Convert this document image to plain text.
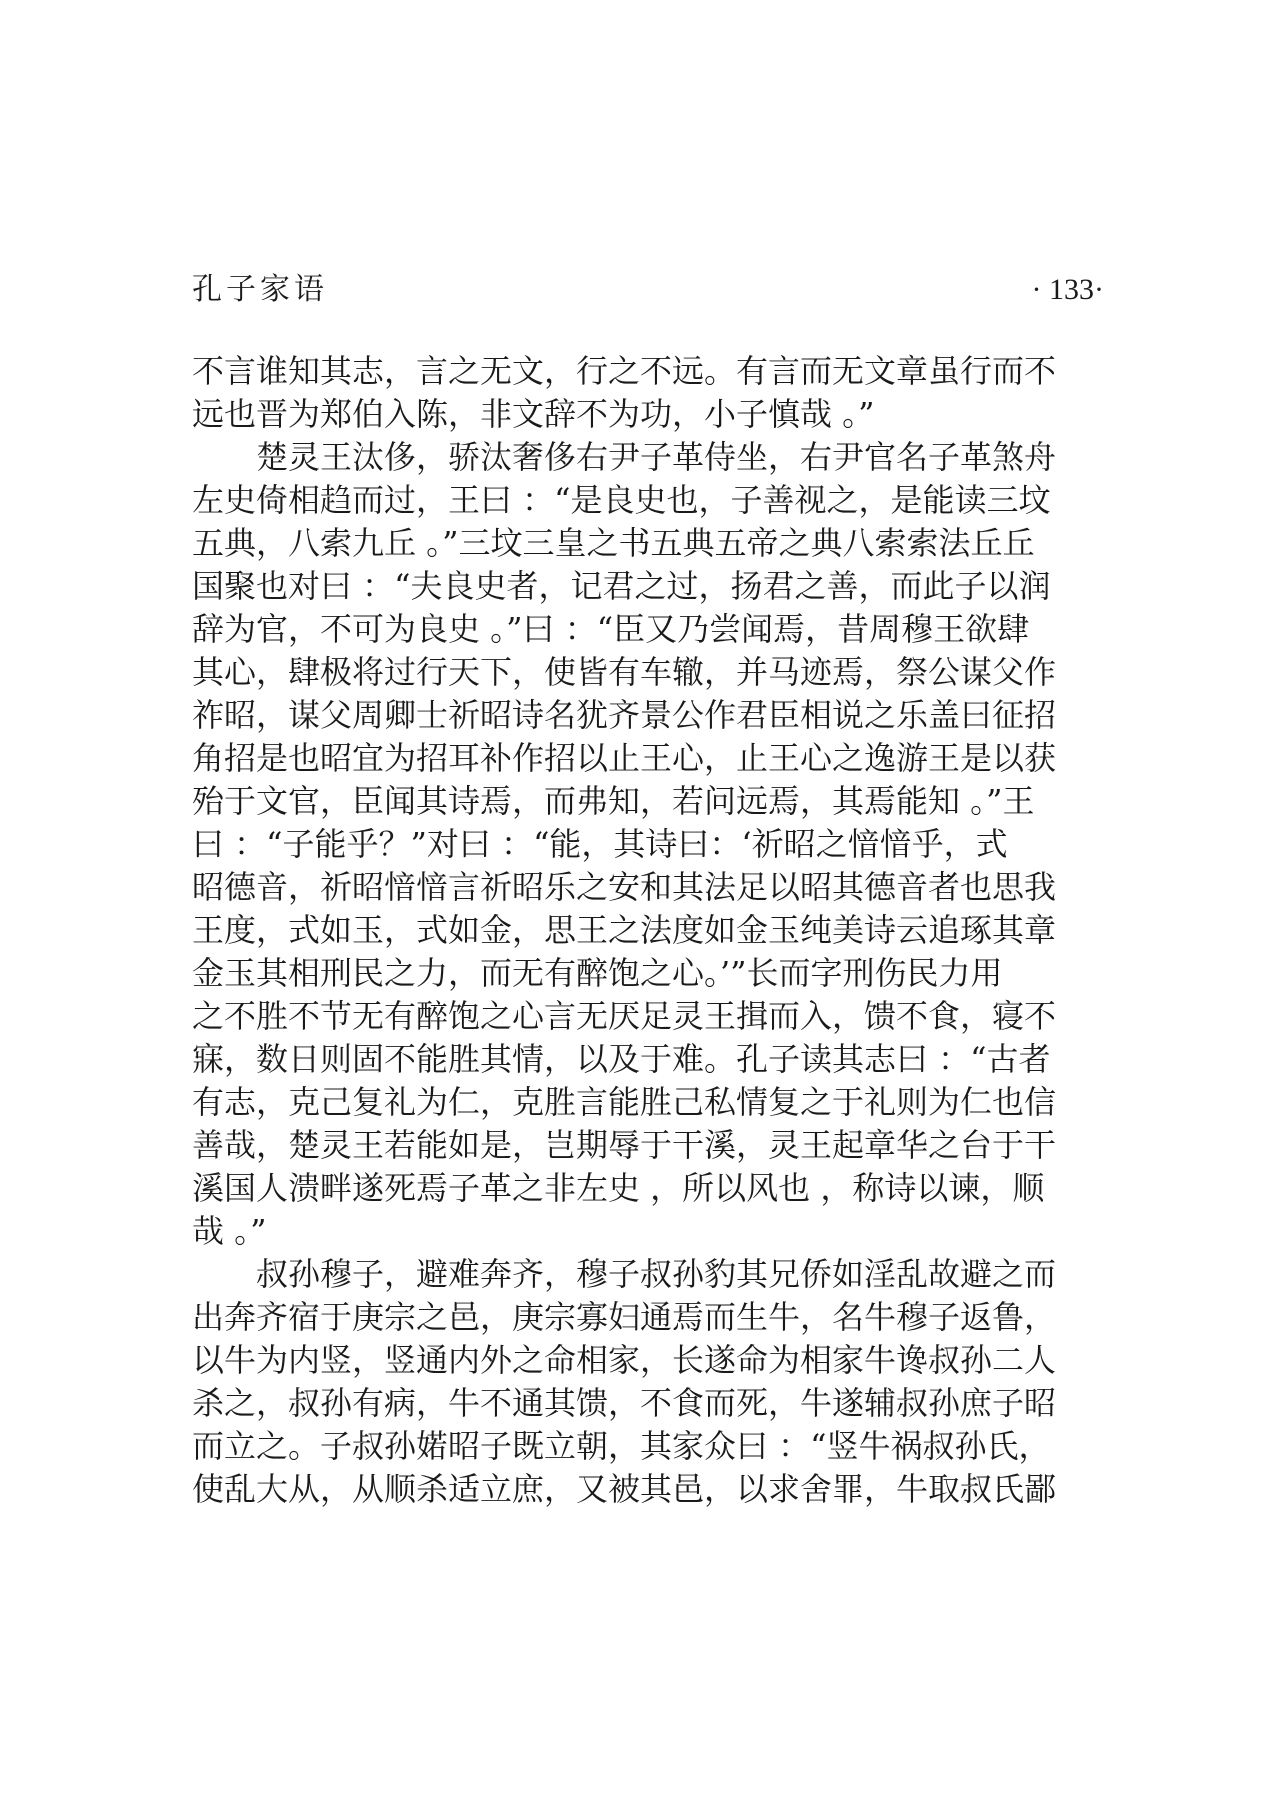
孔子家语	· 133·
不言谁知其志，言之无文，行之不远。有言而无文章虽行而不
远也晋为郑伯入陈，非文辞不为功，小子慎哉 。”
　　楚灵王汰侈，骄汰奢侈右尹子革侍坐，右尹官名子革煞舟
左史倚相趋而过，王曰 ：“是良史也，子善视之，是能读三坟
五典，八索九丘 。”三坟三皇之书五典五帝之典八索索法丘丘
国聚也对曰 ：“夫良史者，记君之过，扬君之善，而此子以润
辞为官，不可为良史 。”曰 ：“臣又乃尝闻焉，昔周穆王欲肆
其心，肆极将过行天下，使皆有车辙，并马迹焉，祭公谋父作
祚昭，谋父周卿士祈昭诗名犹齐景公作君臣相说之乐盖曰征招
角招是也昭宜为招耳补作招以止王心，止王心之逸游王是以获
殆于文官，臣闻其诗焉，而弗知，若问远焉，其焉能知 。”王
曰 ：“子能乎？”对曰 ：“能，其诗曰：‘祈昭之愔愔乎，式
昭德音，祈昭愔愔言祈昭乐之安和其法足以昭其德音者也思我
王度，式如玉，式如金，思王之法度如金玉纯美诗云追琢其章
金玉其相刑民之力，而无有醉饱之心。’”长而字刑伤民力用
之不胜不节无有醉饱之心言无厌足灵王揖而入，馈不食，寝不
寐，数日则固不能胜其情，以及于难。孔子读其志曰 ：“古者
有志，克己复礼为仁，克胜言能胜己私情复之于礼则为仁也信
善哉，楚灵王若能如是，岂期辱于干溪，灵王起章华之台于干
溪国人溃畔遂死焉子革之非左史 ，所以风也 ，称诗以谏，顺
哉 。”
　　叔孙穆子，避难奔齐，穆子叔孙豹其兄侨如淫乱故避之而
出奔齐宿于庚宗之邑，庚宗寡妇通焉而生牛，名牛穆子返鲁，
以牛为内竖，竖通内外之命相家，长遂命为相家牛谗叔孙二人
杀之，叔孙有病，牛不通其馈，不食而死，牛遂辅叔孙庶子昭
而立之。子叔孙婼昭子既立朝，其家众曰 ：“竖牛祸叔孙氏，
使乱大从，从顺杀适立庶，又被其邑，以求舍罪，牛取叔氏鄙
